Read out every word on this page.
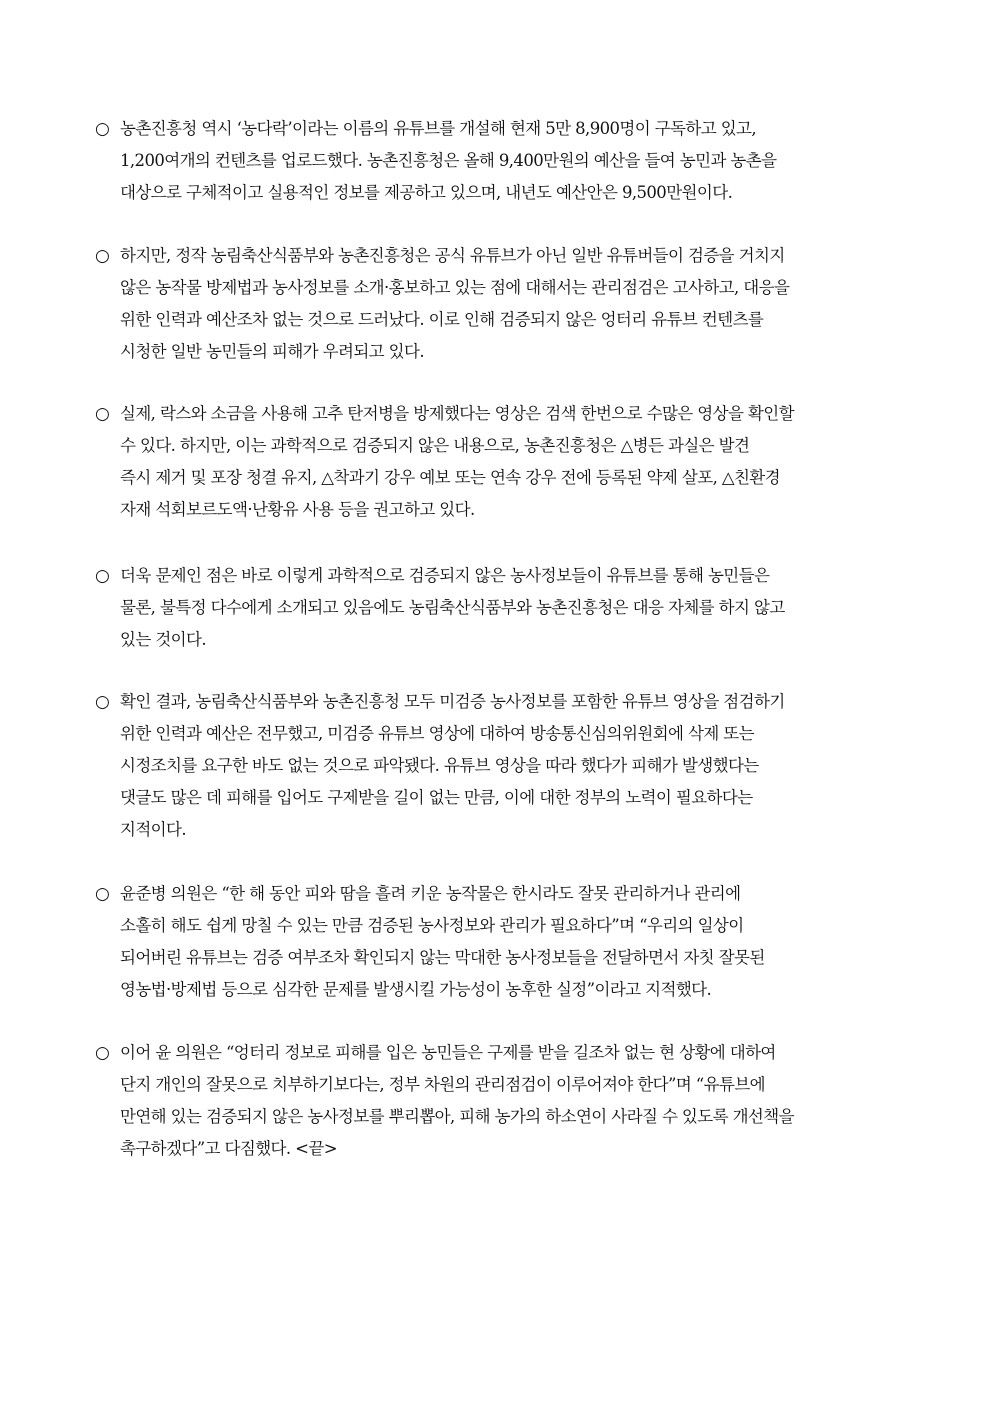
○ 농촌진흥청 역시 ‘농다락’이라는 이름의 유튜브를 개설해 현재 5만 8,900명이 구독하고 있고,
1,200여개의 컨텐츠를 업로드했다. 농촌진흥청은 올해 9,400만원의 예산을 들여 농민과 농촌을
대상으로 구체적이고 실용적인 정보를 제공하고 있으며, 내년도 예산안은 9,500만원이다.
○ 하지만, 정작 농림축산식품부와 농촌진흥청은 공식 유튜브가 아닌 일반 유튜버들이 검증을 거치지
않은 농작물 방제법과 농사정보를 소개·홍보하고 있는 점에 대해서는 관리점검은 고사하고, 대응을
위한 인력과 예산조차 없는 것으로 드러났다. 이로 인해 검증되지 않은 엉터리 유튜브 컨텐츠를
시청한 일반 농민들의 피해가 우려되고 있다.
○ 실제, 락스와 소금을 사용해 고추 탄저병을 방제했다는 영상은 검색 한번으로 수많은 영상을 확인할
수 있다. 하지만, 이는 과학적으로 검증되지 않은 내용으로, 농촌진흥청은 △병든 과실은 발견
즉시 제거 및 포장 청결 유지, △착과기 강우 예보 또는 연속 강우 전에 등록된 약제 살포, △친환경
자재 석회보르도액·난황유 사용 등을 권고하고 있다.
○ 더욱 문제인 점은 바로 이렇게 과학적으로 검증되지 않은 농사정보들이 유튜브를 통해 농민들은
물론, 불특정 다수에게 소개되고 있음에도 농림축산식품부와 농촌진흥청은 대응 자체를 하지 않고
있는 것이다.
○ 확인 결과, 농림축산식품부와 농촌진흥청 모두 미검증 농사정보를 포함한 유튜브 영상을 점검하기
위한 인력과 예산은 전무했고, 미검증 유튜브 영상에 대하여 방송통신심의위원회에 삭제 또는
시정조치를 요구한 바도 없는 것으로 파악됐다. 유튜브 영상을 따라 했다가 피해가 발생했다는
댓글도 많은 데 피해를 입어도 구제받을 길이 없는 만큼, 이에 대한 정부의 노력이 필요하다는
지적이다.
○ 윤준병 의원은 “한 해 동안 피와 땀을 흘려 키운 농작물은 한시라도 잘못 관리하거나 관리에
소홀히 해도 쉽게 망칠 수 있는 만큼 검증된 농사정보와 관리가 필요하다”며 “우리의 일상이
되어버린 유튜브는 검증 여부조차 확인되지 않는 막대한 농사정보들을 전달하면서 자칫 잘못된
영농법·방제법 등으로 심각한 문제를 발생시킬 가능성이 농후한 실정”이라고 지적했다.
○ 이어 윤 의원은 “엉터리 정보로 피해를 입은 농민들은 구제를 받을 길조차 없는 현 상황에 대하여
단지 개인의 잘못으로 치부하기보다는, 정부 차원의 관리점검이 이루어져야 한다”며 “유튜브에
만연해 있는 검증되지 않은 농사정보를 뿌리뽑아, 피해 농가의 하소연이 사라질 수 있도록 개선책을
촉구하겠다”고 다짐했다. <끝>
